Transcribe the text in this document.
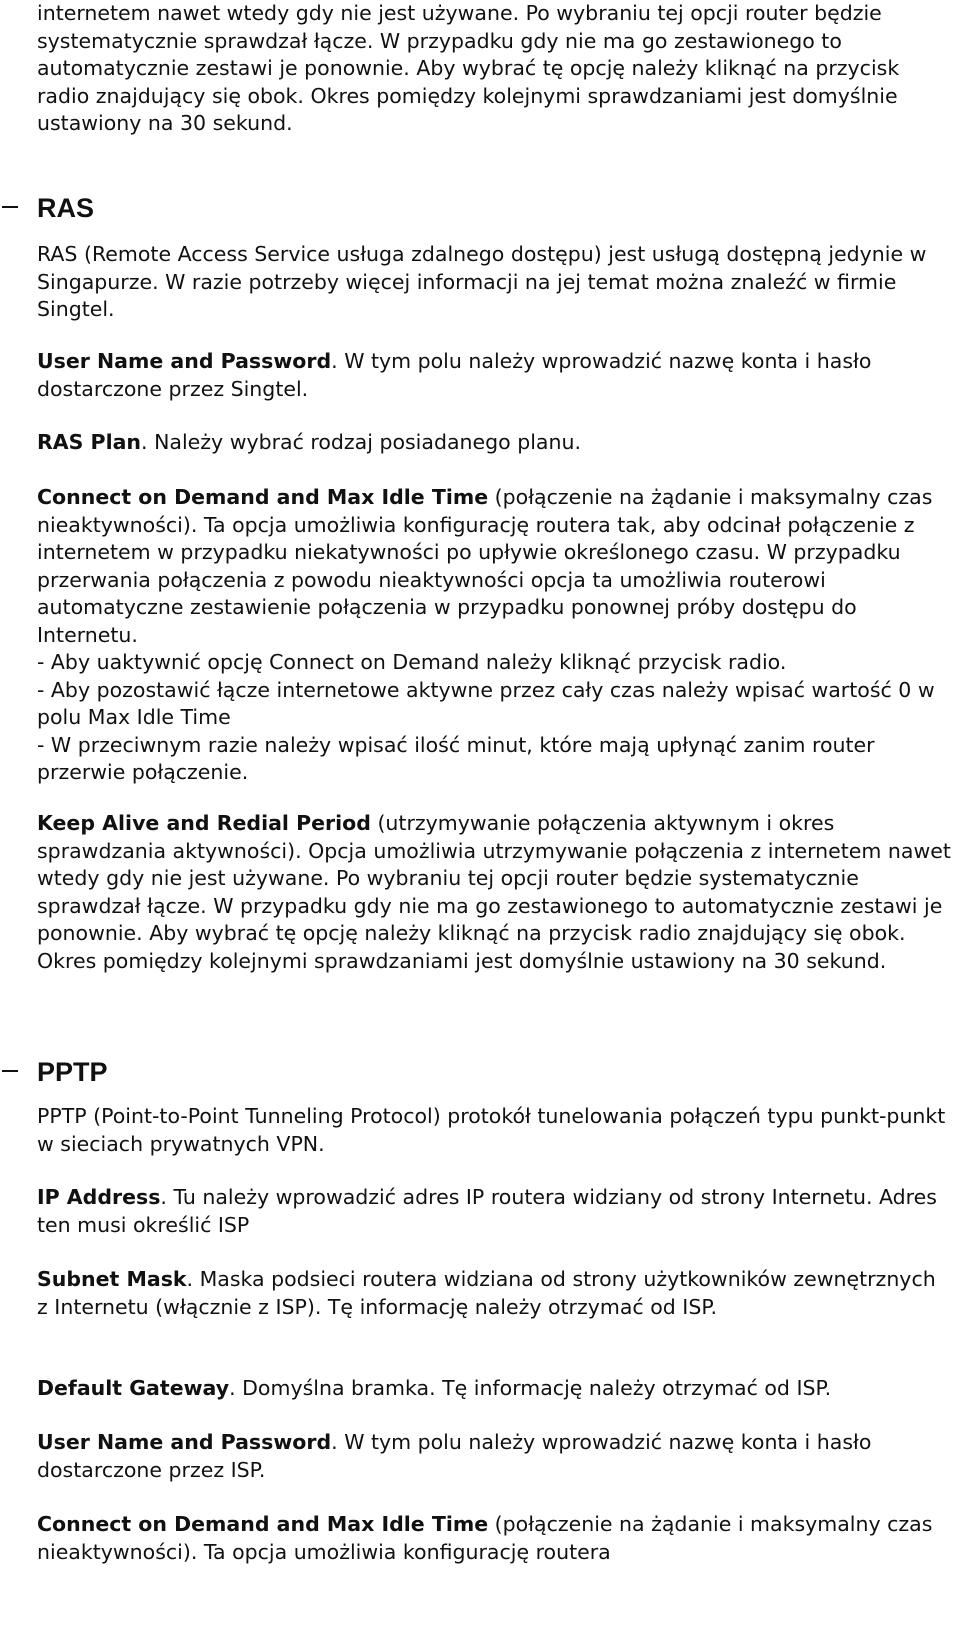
internetem nawet wtedy gdy nie jest używane. Po wybraniu tej opcji router będzie systematycznie sprawdzał łącze. W przypadku gdy nie ma go zestawionego to automatycznie zestawi je ponownie. Aby wybrać tę opcję należy kliknąć na przycisk radio znajdujący się obok. Okres pomiędzy kolejnymi sprawdzaniami jest domyślnie ustawiony na 30 sekund.

RAS

RAS (Remote Access Service usługa zdalnego dostępu) jest usługą dostępną jedynie w Singapurze. W razie potrzeby więcej informacji na jej temat można znaleźć w firmie Singtel.

User Name and Password. W tym polu należy wprowadzić nazwę konta i hasło dostarczone przez Singtel.

RAS Plan. Należy wybrać rodzaj posiadanego planu.

Connect on Demand and Max Idle Time (połączenie na żądanie i maksymalny czas nieaktywności). Ta opcja umożliwia konfigurację routera tak, aby odcinał połączenie z internetem w przypadku niekatywności po upływie określonego czasu. W przypadku przerwania połączenia z powodu nieaktywności opcja ta umożliwia routerowi automatyczne zestawienie połączenia w przypadku ponownej próby dostępu do Internetu.
- Aby uaktywnić opcję Connect on Demand należy kliknąć przycisk radio.
- Aby pozostawić łącze internetowe aktywne przez cały czas należy wpisać wartość 0 w polu Max Idle Time
- W przeciwnym razie należy wpisać ilość minut, które mają upłynąć zanim router przerwie połączenie.

Keep Alive and Redial Period (utrzymywanie połączenia aktywnym i okres sprawdzania aktywności). Opcja umożliwia utrzymywanie połączenia z internetem nawet wtedy gdy nie jest używane. Po wybraniu tej opcji router będzie systematycznie sprawdzał łącze. W przypadku gdy nie ma go zestawionego to automatycznie zestawi je ponownie. Aby wybrać tę opcję należy kliknąć na przycisk radio znajdujący się obok. Okres pomiędzy kolejnymi sprawdzaniami jest domyślnie ustawiony na 30 sekund.

PPTP

PPTP (Point-to-Point Tunneling Protocol) protokół tunelowania połączeń typu punkt-punkt w sieciach prywatnych VPN.

IP Address. Tu należy wprowadzić adres IP routera widziany od strony Internetu. Adres ten musi określić ISP

Subnet Mask. Maska podsieci routera widziana od strony użytkowników zewnętrznych z Internetu (włącznie z ISP). Tę informację należy otrzymać od ISP.

Default Gateway. Domyślna bramka. Tę informację należy otrzymać od ISP.

User Name and Password. W tym polu należy wprowadzić nazwę konta i hasło dostarczone przez ISP.

Connect on Demand and Max Idle Time (połączenie na żądanie i maksymalny czas nieaktywności). Ta opcja umożliwia konfigurację routera
